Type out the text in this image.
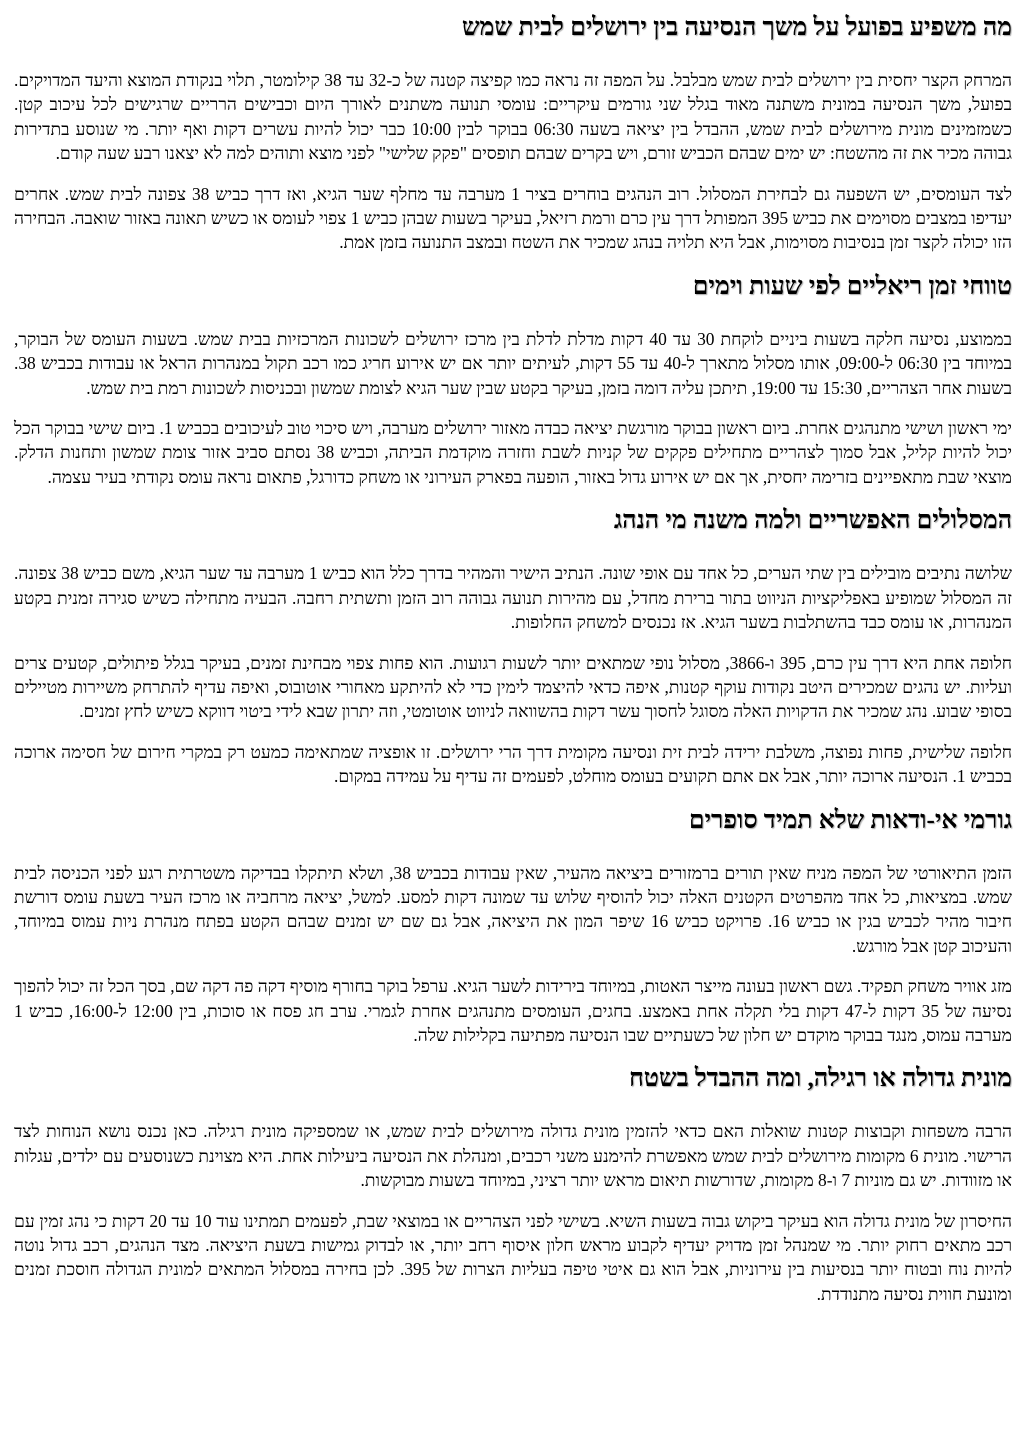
מה משפיע בפועל על משך הנסיעה בין ירושלים לבית שמש

המרחק הקצר יחסית בין ירושלים לבית שמש מבלבל. על המפה זה נראה כמו קפיצה קטנה של כ-32 עד 38 קילומטר, תלוי בנקודת המוצא והיעד המדויקים. בפועל, משך הנסיעה במונית משתנה מאוד בגלל שני גורמים עיקריים: עומסי תנועה משתנים לאורך היום וכבישים הרריים שרגישים לכל עיכוב קטן. כשמזמינים מונית מירושלים לבית שמש, ההבדל בין יציאה בשעה 06:30 בבוקר לבין 10:00 כבר יכול להיות עשרים דקות ואף יותר. מי שנוסע בתדירות גבוהה מכיר את זה מהשטח: יש ימים שבהם הכביש זורם, ויש בקרים שבהם תופסים "פקק שלישי" לפני מוצא ותוהים למה לא יצאנו רבע שעה קודם.

לצד העומסים, יש השפעה גם לבחירת המסלול. רוב הנהגים בוחרים בציר 1 מערבה עד מחלף שער הגיא, ואז דרך כביש 38 צפונה לבית שמש. אחרים יעדיפו במצבים מסוימים את כביש 395 המפותל דרך עין כרם ורמת רזיאל, בעיקר בשעות שבהן כביש 1 צפוי לעומס או כשיש תאונה באזור שואבה. הבחירה הזו יכולה לקצר זמן בנסיבות מסוימות, אבל היא תלויה בנהג שמכיר את השטח ובמצב התנועה בזמן אמת.

טווחי זמן ריאליים לפי שעות וימים

בממוצע, נסיעה חלקה בשעות ביניים לוקחת 30 עד 40 דקות מדלת לדלת בין מרכז ירושלים לשכונות המרכזיות בבית שמש. בשעות העומס של הבוקר, במיוחד בין 06:30 ל-09:00, אותו מסלול מתארך ל-40 עד 55 דקות, לעיתים יותר אם יש אירוע חריג כמו רכב תקול במנהרות הראל או עבודות בכביש 38. בשעות אחר הצהריים, 15:30 עד 19:00, תיתכן עליה דומה בזמן, בעיקר בקטע שבין שער הגיא לצומת שמשון ובכניסות לשכונות רמת בית שמש.

ימי ראשון ושישי מתנהגים אחרת. ביום ראשון בבוקר מורגשת יציאה כבדה מאזור ירושלים מערבה, ויש סיכוי טוב לעיכובים בכביש 1. ביום שישי בבוקר הכל יכול להיות קליל, אבל סמוך לצהריים מתחילים פקקים של קניות לשבת וחזרה מוקדמת הביתה, וכביש 38 נסתם סביב אזור צומת שמשון ותחנות הדלק. מוצאי שבת מתאפיינים בזרימה יחסית, אך אם יש אירוע גדול באזור, הופעה בפארק העירוני או משחק כדורגל, פתאום נראה עומס נקודתי בעיר עצמה.

המסלולים האפשריים ולמה משנה מי הנהג

שלושה נתיבים מובילים בין שתי הערים, כל אחד עם אופי שונה. הנתיב הישיר והמהיר בדרך כלל הוא כביש 1 מערבה עד שער הגיא, משם כביש 38 צפונה. זה המסלול שמופיע באפליקציות הניווט בתור ברירת מחדל, עם מהירות תנועה גבוהה רוב הזמן ותשתית רחבה. הבעיה מתחילה כשיש סגירה זמנית בקטע המנהרות, או עומס כבד בהשתלבות בשער הגיא. אז נכנסים למשחק החלופות.

חלופה אחת היא דרך עין כרם, 395 ו-3866, מסלול נופי שמתאים יותר לשעות רגועות. הוא פחות צפוי מבחינת זמנים, בעיקר בגלל פיתולים, קטעים צרים ועליות. יש נהגים שמכירים היטב נקודות עוקף קטנות, איפה כדאי להיצמד לימין כדי לא להיתקע מאחורי אוטובוס, ואיפה עדיף להתרחק משיירות מטיילים בסופי שבוע. נהג שמכיר את הדקויות האלה מסוגל לחסוך עשר דקות בהשוואה לניווט אוטומטי, וזה יתרון שבא לידי ביטוי דווקא כשיש לחץ זמנים.

חלופה שלישית, פחות נפוצה, משלבת ירידה לבית זית ונסיעה מקומית דרך הרי ירושלים. זו אופציה שמתאימה כמעט רק במקרי חירום של חסימה ארוכה בכביש 1. הנסיעה ארוכה יותר, אבל אם אתם תקועים בעומס מוחלט, לפעמים זה עדיף על עמידה במקום.

גורמי אי-ודאות שלא תמיד סופרים

הזמן התיאורטי של המפה מניח שאין תורים ברמזורים ביציאה מהעיר, שאין עבודות בכביש 38, ושלא תיתקלו בבדיקה משטרתית רגע לפני הכניסה לבית שמש. במציאות, כל אחד מהפרטים הקטנים האלה יכול להוסיף שלוש עד שמונה דקות למסע. למשל, יציאה מרחביה או מרכז העיר בשעת עומס דורשת חיבור מהיר לכביש בגין או כביש 16. פרויקט כביש 16 שיפר המון את היציאה, אבל גם שם יש זמנים שבהם הקטע בפתח מנהרת ניות עמוס במיוחד, והעיכוב קטן אבל מורגש.

מזג אוויר משחק תפקיד. גשם ראשון בעונה מייצר האטות, במיוחד בירידות לשער הגיא. ערפל בוקר בחורף מוסיף דקה פה דקה שם, בסך הכל זה יכול להפוך נסיעה של 35 דקות ל-47 דקות בלי תקלה אחת באמצע. בחגים, העומסים מתנהגים אחרת לגמרי. ערב חג פסח או סוכות, בין 12:00 ל-16:00, כביש 1 מערבה עמוס, מנגד בבוקר מוקדם יש חלון של כשעתיים שבו הנסיעה מפתיעה בקלילות שלה.

מונית גדולה או רגילה, ומה ההבדל בשטח

הרבה משפחות וקבוצות קטנות שואלות האם כדאי להזמין מונית גדולה מירושלים לבית שמש, או שמספיקה מונית רגילה. כאן נכנס נושא הנוחות לצד הרישוי. מונית 6 מקומות מירושלים לבית שמש מאפשרת להימנע משני רכבים, ומנהלת את הנסיעה ביעילות אחת. היא מצוינת כשנוסעים עם ילדים, עגלות או מזוודות. יש גם מוניות 7 ו-8 מקומות, שדורשות תיאום מראש יותר רציני, במיוחד בשעות מבוקשות.

החיסרון של מונית גדולה הוא בעיקר ביקוש גבוה בשעות השיא. בשישי לפני הצהריים או במוצאי שבת, לפעמים תמתינו עוד 10 עד 20 דקות כי נהג זמין עם רכב מתאים רחוק יותר. מי שמנהל זמן מדויק יעדיף לקבוע מראש חלון איסוף רחב יותר, או לבדוק גמישות בשעת היציאה. מצד הנהגים, רכב גדול נוטה להיות נוח ובטוח יותר בנסיעות בין עירוניות, אבל הוא גם איטי טיפה בעליות הצרות של 395. לכן בחירה במסלול המתאים למונית הגדולה חוסכת זמנים ומונעת חווית נסיעה מתנודדת.
